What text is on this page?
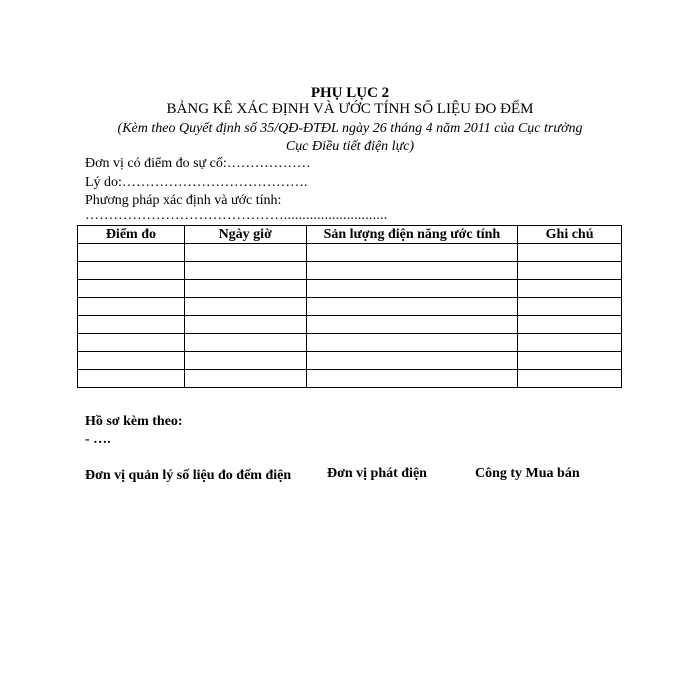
PHỤ LỤC 2
BẢNG KÊ XÁC ĐỊNH VÀ ƯỚC TÍNH SỐ LIỆU ĐO ĐẾM
(Kèm theo Quyết định số 35/QĐ-ĐTĐL ngày 26 tháng 4 năm 2011 của Cục trưởng
Cục Điều tiết điện lực)
Đơn vị có điểm đo sự cố:………………
Lý do:………………………………….
Phương pháp xác định và ước tính:
……………………………………............................
Điểm đo	Ngày giờ	Sản lượng điện năng ước tính	Ghi chú

Hồ sơ kèm theo:
- ….
Đơn vị quản lý số liệu đo đếm điện	Đơn vị phát điện	Công ty Mua bán
